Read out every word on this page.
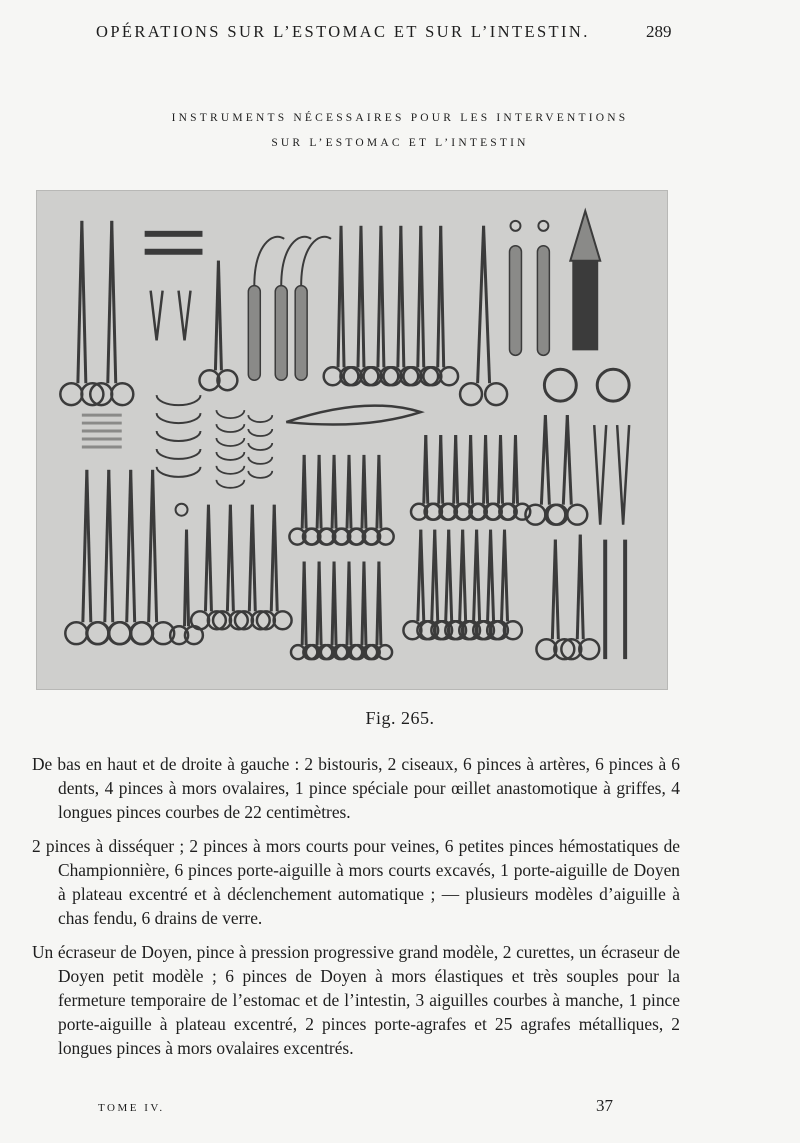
OPÉRATIONS SUR L’ESTOMAC ET SUR L’INTESTIN.	289
INSTRUMENTS NÉCESSAIRES POUR LES INTERVENTIONS
SUR L’ESTOMAC ET L’INTESTIN
Fig. 265.

De bas en haut et de droite à gauche : 2 bistouris, 2 ciseaux, 6 pinces à artères, 6 pinces à 6 dents, 4 pinces à mors ovalaires, 1 pince spéciale pour œillet anastomotique à griffes, 4 longues pinces courbes de 22 centimètres.

2 pinces à disséquer ; 2 pinces à mors courts pour veines, 6 petites pinces hémostatiques de Championnière, 6 pinces porte-aiguille à mors courts excavés, 1 porte-aiguille de Doyen à plateau excentré et à déclenchement automatique ; — plusieurs modèles d’aiguille à chas fendu, 6 drains de verre.

Un écraseur de Doyen, pince à pression progressive grand modèle, 2 curettes, un écraseur de Doyen petit modèle ; 6 pinces de Doyen à mors élastiques et très souples pour la fermeture temporaire de l’estomac et de l’intestin, 3 aiguilles courbes à manche, 1 pince porte-aiguille à plateau excentré, 2 pinces porte-agrafes et 25 agrafes métalliques, 2 longues pinces à mors ovalaires excentrés.

TOME IV.	37
